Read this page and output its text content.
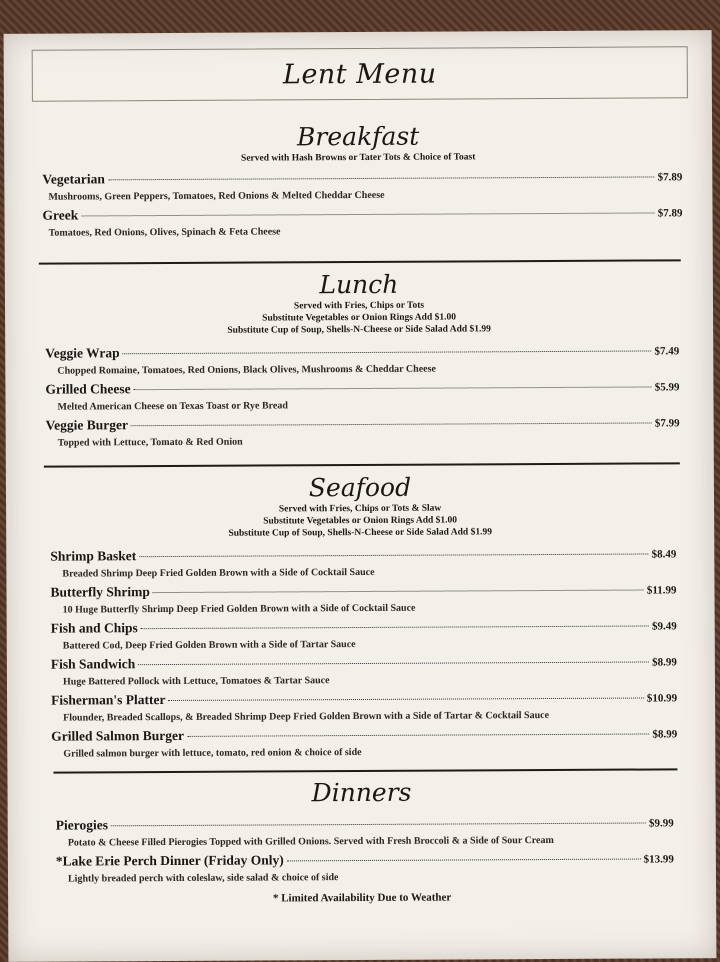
Lent Menu
Breakfast
Served with Hash Browns or Tater Tots & Choice of Toast
Vegetarian	$7.89
Mushrooms, Green Peppers, Tomatoes, Red Onions & Melted Cheddar Cheese
Greek	$7.89
Tomatoes, Red Onions, Olives, Spinach & Feta Cheese
Lunch
Served with Fries, Chips or Tots
Substitute Vegetables or Onion Rings Add $1.00
Substitute Cup of Soup, Shells-N-Cheese or Side Salad Add $1.99
Veggie Wrap	$7.49
Chopped Romaine, Tomatoes, Red Onions, Black Olives, Mushrooms & Cheddar Cheese
Grilled Cheese	$5.99
Melted American Cheese on Texas Toast or Rye Bread
Veggie Burger	$7.99
Topped with Lettuce, Tomato & Red Onion
Seafood
Served with Fries, Chips or Tots & Slaw
Substitute Vegetables or Onion Rings Add $1.00
Substitute Cup of Soup, Shells-N-Cheese or Side Salad Add $1.99
Shrimp Basket	$8.49
Breaded Shrimp Deep Fried Golden Brown with a Side of Cocktail Sauce
Butterfly Shrimp	$11.99
10 Huge Butterfly Shrimp Deep Fried Golden Brown with a Side of Cocktail Sauce
Fish and Chips	$9.49
Battered Cod, Deep Fried Golden Brown with a Side of Tartar Sauce
Fish Sandwich	$8.99
Huge Battered Pollock with Lettuce, Tomatoes & Tartar Sauce
Fisherman's Platter	$10.99
Flounder, Breaded Scallops, & Breaded Shrimp Deep Fried Golden Brown with a Side of Tartar & Cocktail Sauce
Grilled Salmon Burger	$8.99
Grilled salmon burger with lettuce, tomato, red onion & choice of side
Dinners
Pierogies	$9.99
Potato & Cheese Filled Pierogies Topped with Grilled Onions. Served with Fresh Broccoli & a Side of Sour Cream
*Lake Erie Perch Dinner (Friday Only)	$13.99
Lightly breaded perch with coleslaw, side salad & choice of side
* Limited Availability Due to Weather
